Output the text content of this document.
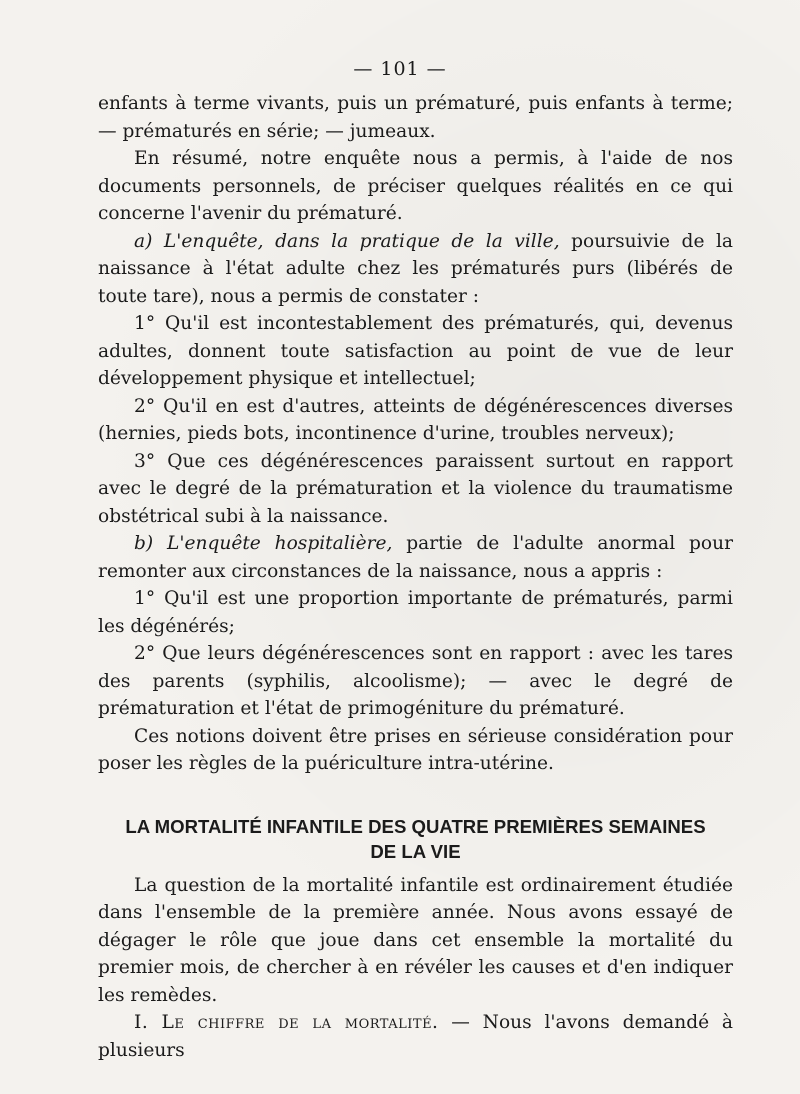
— 101 —

enfants à terme vivants, puis un prématuré, puis enfants à terme; — prématurés en série; — jumeaux.

En résumé, notre enquête nous a permis, à l'aide de nos documents personnels, de préciser quelques réalités en ce qui concerne l'avenir du prématuré.

a) L'enquête, dans la pratique de la ville, poursuivie de la naissance à l'état adulte chez les prématurés purs (libérés de toute tare), nous a permis de constater :

1° Qu'il est incontestablement des prématurés, qui, devenus adultes, donnent toute satisfaction au point de vue de leur développement physique et intellectuel;

2° Qu'il en est d'autres, atteints de dégénérescences diverses (hernies, pieds bots, incontinence d'urine, troubles nerveux);

3° Que ces dégénérescences paraissent surtout en rapport avec le degré de la prématuration et la violence du traumatisme obstétrical subi à la naissance.

b) L'enquête hospitalière, partie de l'adulte anormal pour remonter aux circonstances de la naissance, nous a appris :

1° Qu'il est une proportion importante de prématurés, parmi les dégénérés;

2° Que leurs dégénérescences sont en rapport : avec les tares des parents (syphilis, alcoolisme); — avec le degré de prématuration et l'état de primogéniture du prématuré.

Ces notions doivent être prises en sérieuse considération pour poser les règles de la puériculture intra-utérine.

LA MORTALITÉ INFANTILE DES QUATRE PREMIÈRES SEMAINES
DE LA VIE

La question de la mortalité infantile est ordinairement étudiée dans l'ensemble de la première année. Nous avons essayé de dégager le rôle que joue dans cet ensemble la mortalité du premier mois, de chercher à en révéler les causes et d'en indiquer les remèdes.

I. Le chiffre de la mortalité. — Nous l'avons demandé à plusieurs
